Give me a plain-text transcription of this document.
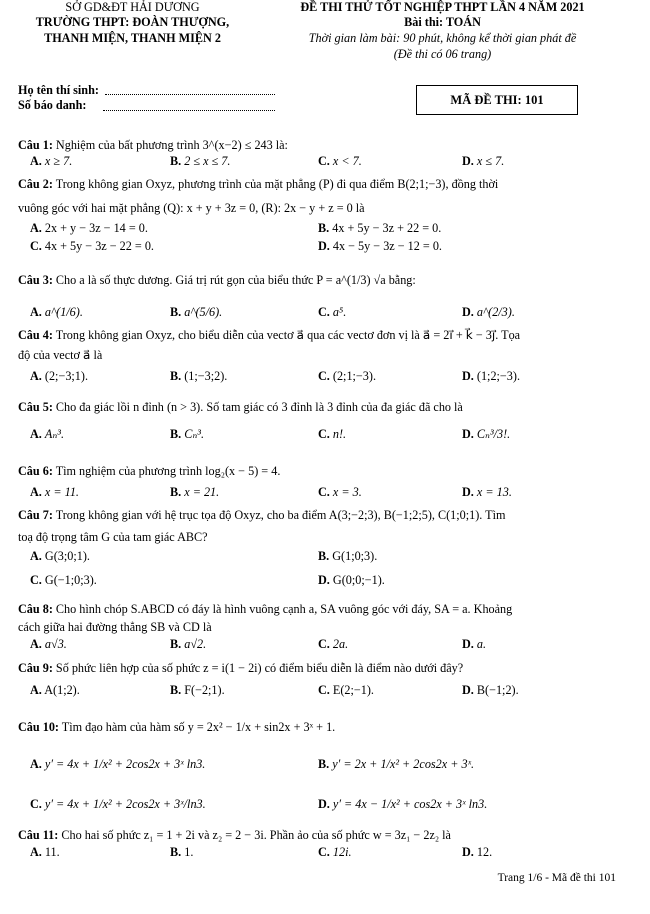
SỞ GD&ĐT HẢI DƯƠNG
TRƯỜNG THPT: ĐOÀN THƯỢNG,
THANH MIỆN, THANH MIỆN 2
ĐỀ THI THỬ TỐT NGHIỆP THPT LẦN 4 NĂM 2021
Bài thi: TOÁN
Thời gian làm bài: 90 phút, không kể thời gian phát đề
(Đề thi có 06 trang)
Họ tên thí sinh:
Số báo danh:	MÃ ĐỀ THI: 101
Câu 1: Nghiệm của bất phương trình 3^(x−2) ≤ 243 là:
A. x ≥ 7.	B. 2 ≤ x ≤ 7.	C. x < 7.	D. x ≤ 7.
Câu 2: Trong không gian Oxyz, phương trình của mặt phẳng (P) đi qua điểm B(2;1;−3), đồng thời
vuông góc với hai mặt phẳng (Q): x + y + 3z = 0, (R): 2x − y + z = 0 là
A. 2x + y − 3z − 14 = 0.	B. 4x + 5y − 3z + 22 = 0.
C. 4x + 5y − 3z − 22 = 0.	D. 4x − 5y − 3z − 12 = 0.
Câu 3: Cho a là số thực dương. Giá trị rút gọn của biểu thức P = a^(1/3) √a bằng:
A. a^(1/6).	B. a^(5/6).	C. a⁵.	D. a^(2/3).
Câu 4: Trong không gian Oxyz, cho biểu diễn của vectơ a⃗ qua các vectơ đơn vị là a⃗ = 2i⃗ + k⃗ − 3j⃗. Tọa
độ của vectơ a⃗ là
A. (2;−3;1).	B. (1;−3;2).	C. (2;1;−3).	D. (1;2;−3).
Câu 5: Cho đa giác lồi n đỉnh (n > 3). Số tam giác có 3 đỉnh là 3 đỉnh của đa giác đã cho là
A. Aₙ³.	B. Cₙ³.	C. n!.	D. Cₙ³/3!.
Câu 6: Tìm nghiệm của phương trình log₂(x − 5) = 4.
A. x = 11.	B. x = 21.	C. x = 3.	D. x = 13.
Câu 7: Trong không gian với hệ trục tọa độ Oxyz, cho ba điểm A(3;−2;3), B(−1;2;5), C(1;0;1). Tìm
toạ độ trọng tâm G của tam giác ABC?
A. G(3;0;1).	B. G(1;0;3).
C. G(−1;0;3).	D. G(0;0;−1).
Câu 8: Cho hình chóp S.ABCD có đáy là hình vuông cạnh a, SA vuông góc với đáy, SA = a. Khoảng
cách giữa hai đường thẳng SB và CD là
A. a√3.	B. a√2.	C. 2a.	D. a.
Câu 9: Số phức liên hợp của số phức z = i(1 − 2i) có điểm biểu diễn là điểm nào dưới đây?
A. A(1;2).	B. F(−2;1).	C. E(2;−1).	D. B(−1;2).
Câu 10: Tìm đạo hàm của hàm số y = 2x² − 1/x + sin2x + 3ˣ + 1.
A. y′ = 4x + 1/x² + 2cos2x + 3ˣ ln3.	B. y′ = 2x + 1/x² + 2cos2x + 3ˣ.
C. y′ = 4x + 1/x² + 2cos2x + 3ˣ/ln3.	D. y′ = 4x − 1/x² + cos2x + 3ˣ ln3.
Câu 11: Cho hai số phức z₁ = 1 + 2i và z₂ = 2 − 3i. Phần ảo của số phức w = 3z₁ − 2z₂ là
A. 11.	B. 1.	C. 12i.	D. 12.
Trang 1/6 - Mã đề thi 101
